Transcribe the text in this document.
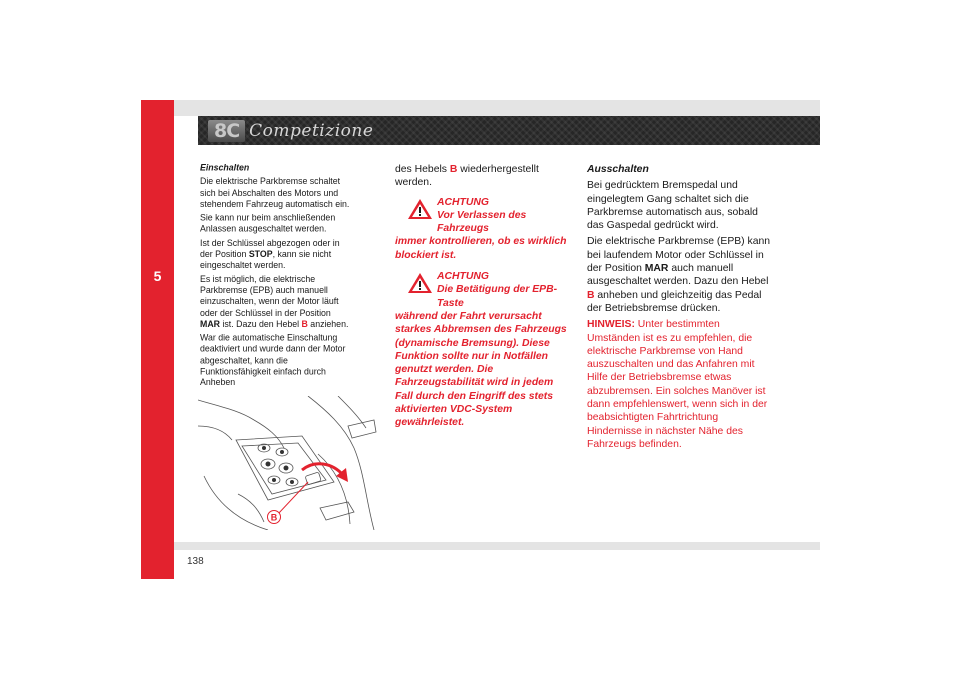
5
8C Competizione

Einschalten

Die elektrische Parkbremse schaltet sich bei Abschalten des Motors und stehendem Fahrzeug automatisch ein.

Sie kann nur beim anschließenden Anlassen ausgeschaltet werden.

Ist der Schlüssel abgezogen oder in der Position STOP, kann sie nicht eingeschaltet werden.

Es ist möglich, die elektrische Parkbremse (EPB) auch manuell einzuschalten, wenn der Motor läuft oder der Schlüssel in der Position MAR ist. Dazu den Hebel B anziehen.

War die automatische Einschaltung deaktiviert und wurde dann der Motor abgeschaltet, kann die Funktionsfähigkeit einfach durch Anheben

des Hebels B wiederhergestellt werden.

ACHTUNG
Vor Verlassen des Fahrzeugs
immer kontrollieren, ob es wirklich blockiert ist.
ACHTUNG
Die Betätigung der EPB-Taste
während der Fahrt verursacht starkes Abbremsen des Fahrzeugs (dynamische Bremsung). Diese Funktion sollte nur in Notfällen genutzt werden. Die Fahrzeugstabilität wird in jedem Fall durch den Eingriff des stets aktivierten VDC-System gewährleistet.

Ausschalten

Bei gedrücktem Bremspedal und eingelegtem Gang schaltet sich die Parkbremse automatisch aus, sobald das Gaspedal gedrückt wird.

Die elektrische Parkbremse (EPB) kann bei laufendem Motor oder Schlüssel in der Position MAR auch manuell ausgeschaltet werden. Dazu den Hebel B anheben und gleichzeitig das Pedal der Betriebsbremse drücken.

HINWEIS: Unter bestimmten Umständen ist es zu empfehlen, die elektrische Parkbremse von Hand auszuschalten und das Anfahren mit Hilfe der Betriebsbremse etwas abzubremsen. Ein solches Manöver ist dann empfehlenswert, wenn sich in der beabsichtigten Fahrtrichtung Hindernisse in nächster Nähe des Fahrzeugs befinden.

B
138
